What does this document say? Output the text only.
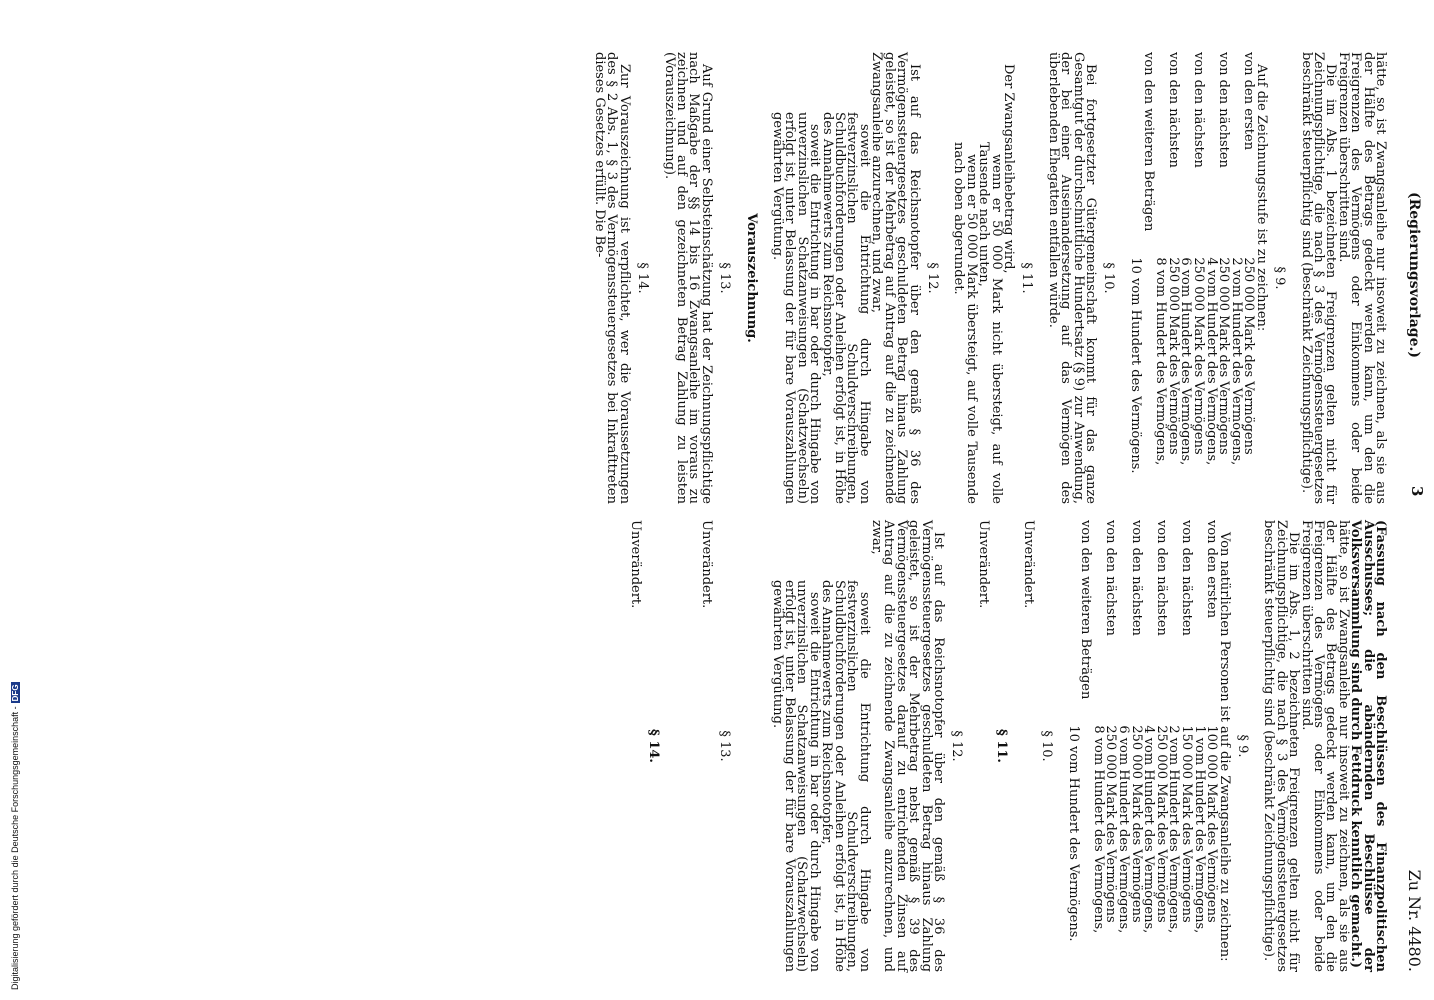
(Regierungsvorlage.)
3
Zu Nr. 4480.

hätte, so ist Zwangsanleihe nur insoweit zu zeichnen, als sie aus der Hälfte des Betrags gedeckt werden kann, um den die Freigrenzen des Vermögens oder Einkommens oder beide Freigrenzen überschritten sind.

Die im Abs. 1 bezeichneten Freigrenzen gelten nicht für Zeichnungspflichtige, die nach § 3 des Vermögenssteuergesetzes beschränkt steuerpflichtig sind (beschränkt Zeichnungspflichtige).

§ 9.

Auf die Zeichnungsstufe ist zu zeichnen:

von den ersten	250 000 Mark des Vermögens
	2 vom Hundert des Vermögens,
von den nächsten	250 000 Mark des Vermögens
	4 vom Hundert des Vermögens,
von den nächsten	250 000 Mark des Vermögens
	6 vom Hundert des Vermögens,
von den nächsten	250 000 Mark des Vermögens
	8 vom Hundert des Vermögens,
von den weiteren Beträgen	
	10 vom Hundert des Vermögens.
§ 10.

Bei fortgesetzter Gütergemeinschaft kommt für das ganze Gesamtgut der durchschnittliche Hundertsatz (§ 9) zur Anwendung, der bei einer Auseinandersetzung auf das Vermögen des überlebenden Ehegatten entfallen würde.

§ 11.

Der Zwangsanleihebetrag wird,

wenn er 50 000 Mark nicht übersteigt, auf volle Tausende nach unten,

wenn er 50 000 Mark übersteigt, auf volle Tausende nach oben abgerundet.

§ 12.

Ist auf das Reichsnotopfer über den gemäß § 36 des Vermögenssteuergesetzes geschuldeten Betrag hinaus Zahlung geleistet, so ist der Mehrbetrag auf Antrag auf die zu zeichnende Zwangsanleihe anzurechnen, und zwar,

soweit die Entrichtung durch Hingabe von festverzinslichen Schuldverschreibungen, Schuldbuchforderungen oder Anleihen erfolgt ist, in Höhe des Annahmewerts zum Reichsnotopfer,

soweit die Entrichtung in bar oder durch Hingabe von unverzinslichen Schatzanweisungen (Schatzwechseln) erfolgt ist, unter Belassung der für bare Vorauszahlungen gewährten Vergütung.

Vorauszeichnung.
§ 13.

Auf Grund einer Selbsteinschätzung hat der Zeichnungspflichtige nach Maßgabe der §§ 14 bis 16 Zwangsanleihe im voraus zu zeichnen und auf den gezeichneten Betrag Zahlung zu leisten (Vorauszeichnung).

§ 14.

Zur Vorauszeichnung ist verpflichtet, wer die Voraussetzungen des § 2 Abs. 1, § 3 des Vermögenssteuergesetzes bei Inkrafttreten dieses Gesetzes erfüllt. Die Be-

(Fassung nach den Beschlüssen des Finanzpolitischen Ausschusses; die abändernden Beschlüsse der Volksversammlung sind durch Fettdruck kenntlich gemacht.)

hätte, so ist Zwangsanleihe nur insoweit zu zeichnen, als sie aus der Hälfte des Betrags gedeckt werden kann, um den die Freigrenzen des Vermögens oder Einkommens oder beide Freigrenzen überschritten sind.

Die im Abs. 1, 2 bezeichneten Freigrenzen gelten nicht für Zeichnungspflichtige, die nach § 3 des Vermögenssteuergesetzes beschränkt steuerpflichtig sind (beschränkt Zeichnungspflichtige).

§ 9.

Von natürlichen Personen ist auf die Zwangsanleihe zu zeichnen:

von den ersten	100 000 Mark des Vermögens
	1 vom Hundert des Vermögens,
von den nächsten	150 000 Mark des Vermögens
	2 vom Hundert des Vermögens,
von den nächsten	250 000 Mark des Vermögens
	4 vom Hundert des Vermögens,
von den nächsten	250 000 Mark des Vermögens
	6 vom Hundert des Vermögens,
von den nächsten	250 000 Mark des Vermögens
	8 vom Hundert des Vermögens,
von den weiteren Beträgen	
	10 vom Hundert des Vermögens.
§ 10.
Unverändert.
§ 11.
Unverändert.
§ 12.

Ist auf das Reichsnotopfer über den gemäß § 36 des Vermögenssteuergesetzes geschuldeten Betrag hinaus Zahlung geleistet, so ist der Mehrbetrag nebst gemäß § 39 des Vermögenssteuergesetzes darauf zu entrichtenden Zinsen auf Antrag auf die zu zeichnende Zwangsanleihe anzurechnen, und zwar,

soweit die Entrichtung durch Hingabe von festverzinslichen Schuldverschreibungen, Schuldbuchforderungen oder Anleihen erfolgt ist, in Höhe des Annahmewerts zum Reichsnotopfer,

soweit die Entrichtung in bar oder durch Hingabe von unverzinslichen Schatzanweisungen (Schatzwechseln) erfolgt ist, unter Belassung der für bare Vorauszahlungen gewährten Vergütung.

§ 13.
Unverändert.
§ 14.
Unverändert.
Digitalisierung gefördert durch die Deutsche Forschungsgemeinschaft -DFG
